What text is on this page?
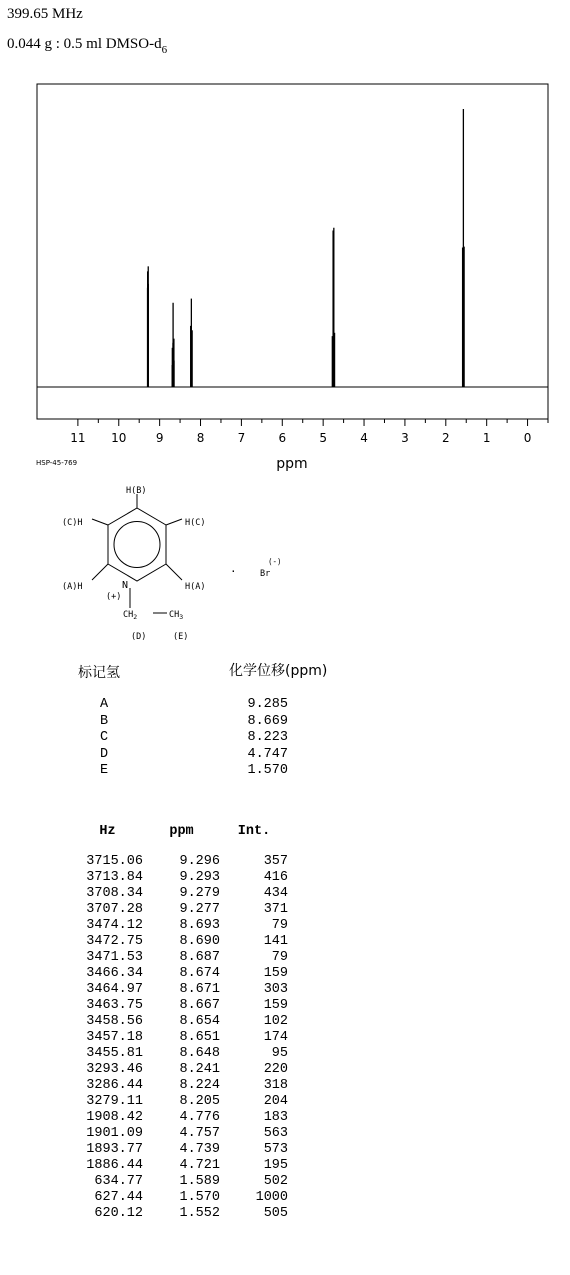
399.65 MHz
0.044 g : 0.5 ml DMSO-$d_6$
11 10 9	8	7	6	5	4	3	2	1	0
ppm
HSP-45-769
H(B)
(C)H	H(C)
(A)H	H(A)
N
(+)
$CH_2$	$CH_3$
(D)	(E)
·	Br
(-)
标记氢	化学位移(ppm)
A	9.285
B	8.669
C	8.223
D	4.747
E	1.570
Hz	ppm	Int.
3715.06	9.296	357
3713.84	9.293	416
3708.34	9.279	434
3707.28	9.277	371
3474.12	8.693	79
3472.75	8.690	141
3471.53	8.687	79
3466.34	8.674	159
3464.97	8.671	303
3463.75	8.667	159
3458.56	8.654	102
3457.18	8.651	174
3455.81	8.648	95
3293.46	8.241	220
3286.44	8.224	318
3279.11	8.205	204
1908.42	4.776	183
1901.09	4.757	563
1893.77	4.739	573
1886.44	4.721	195
634.77	1.589	502
627.44	1.570	1000
620.12	1.552	505
